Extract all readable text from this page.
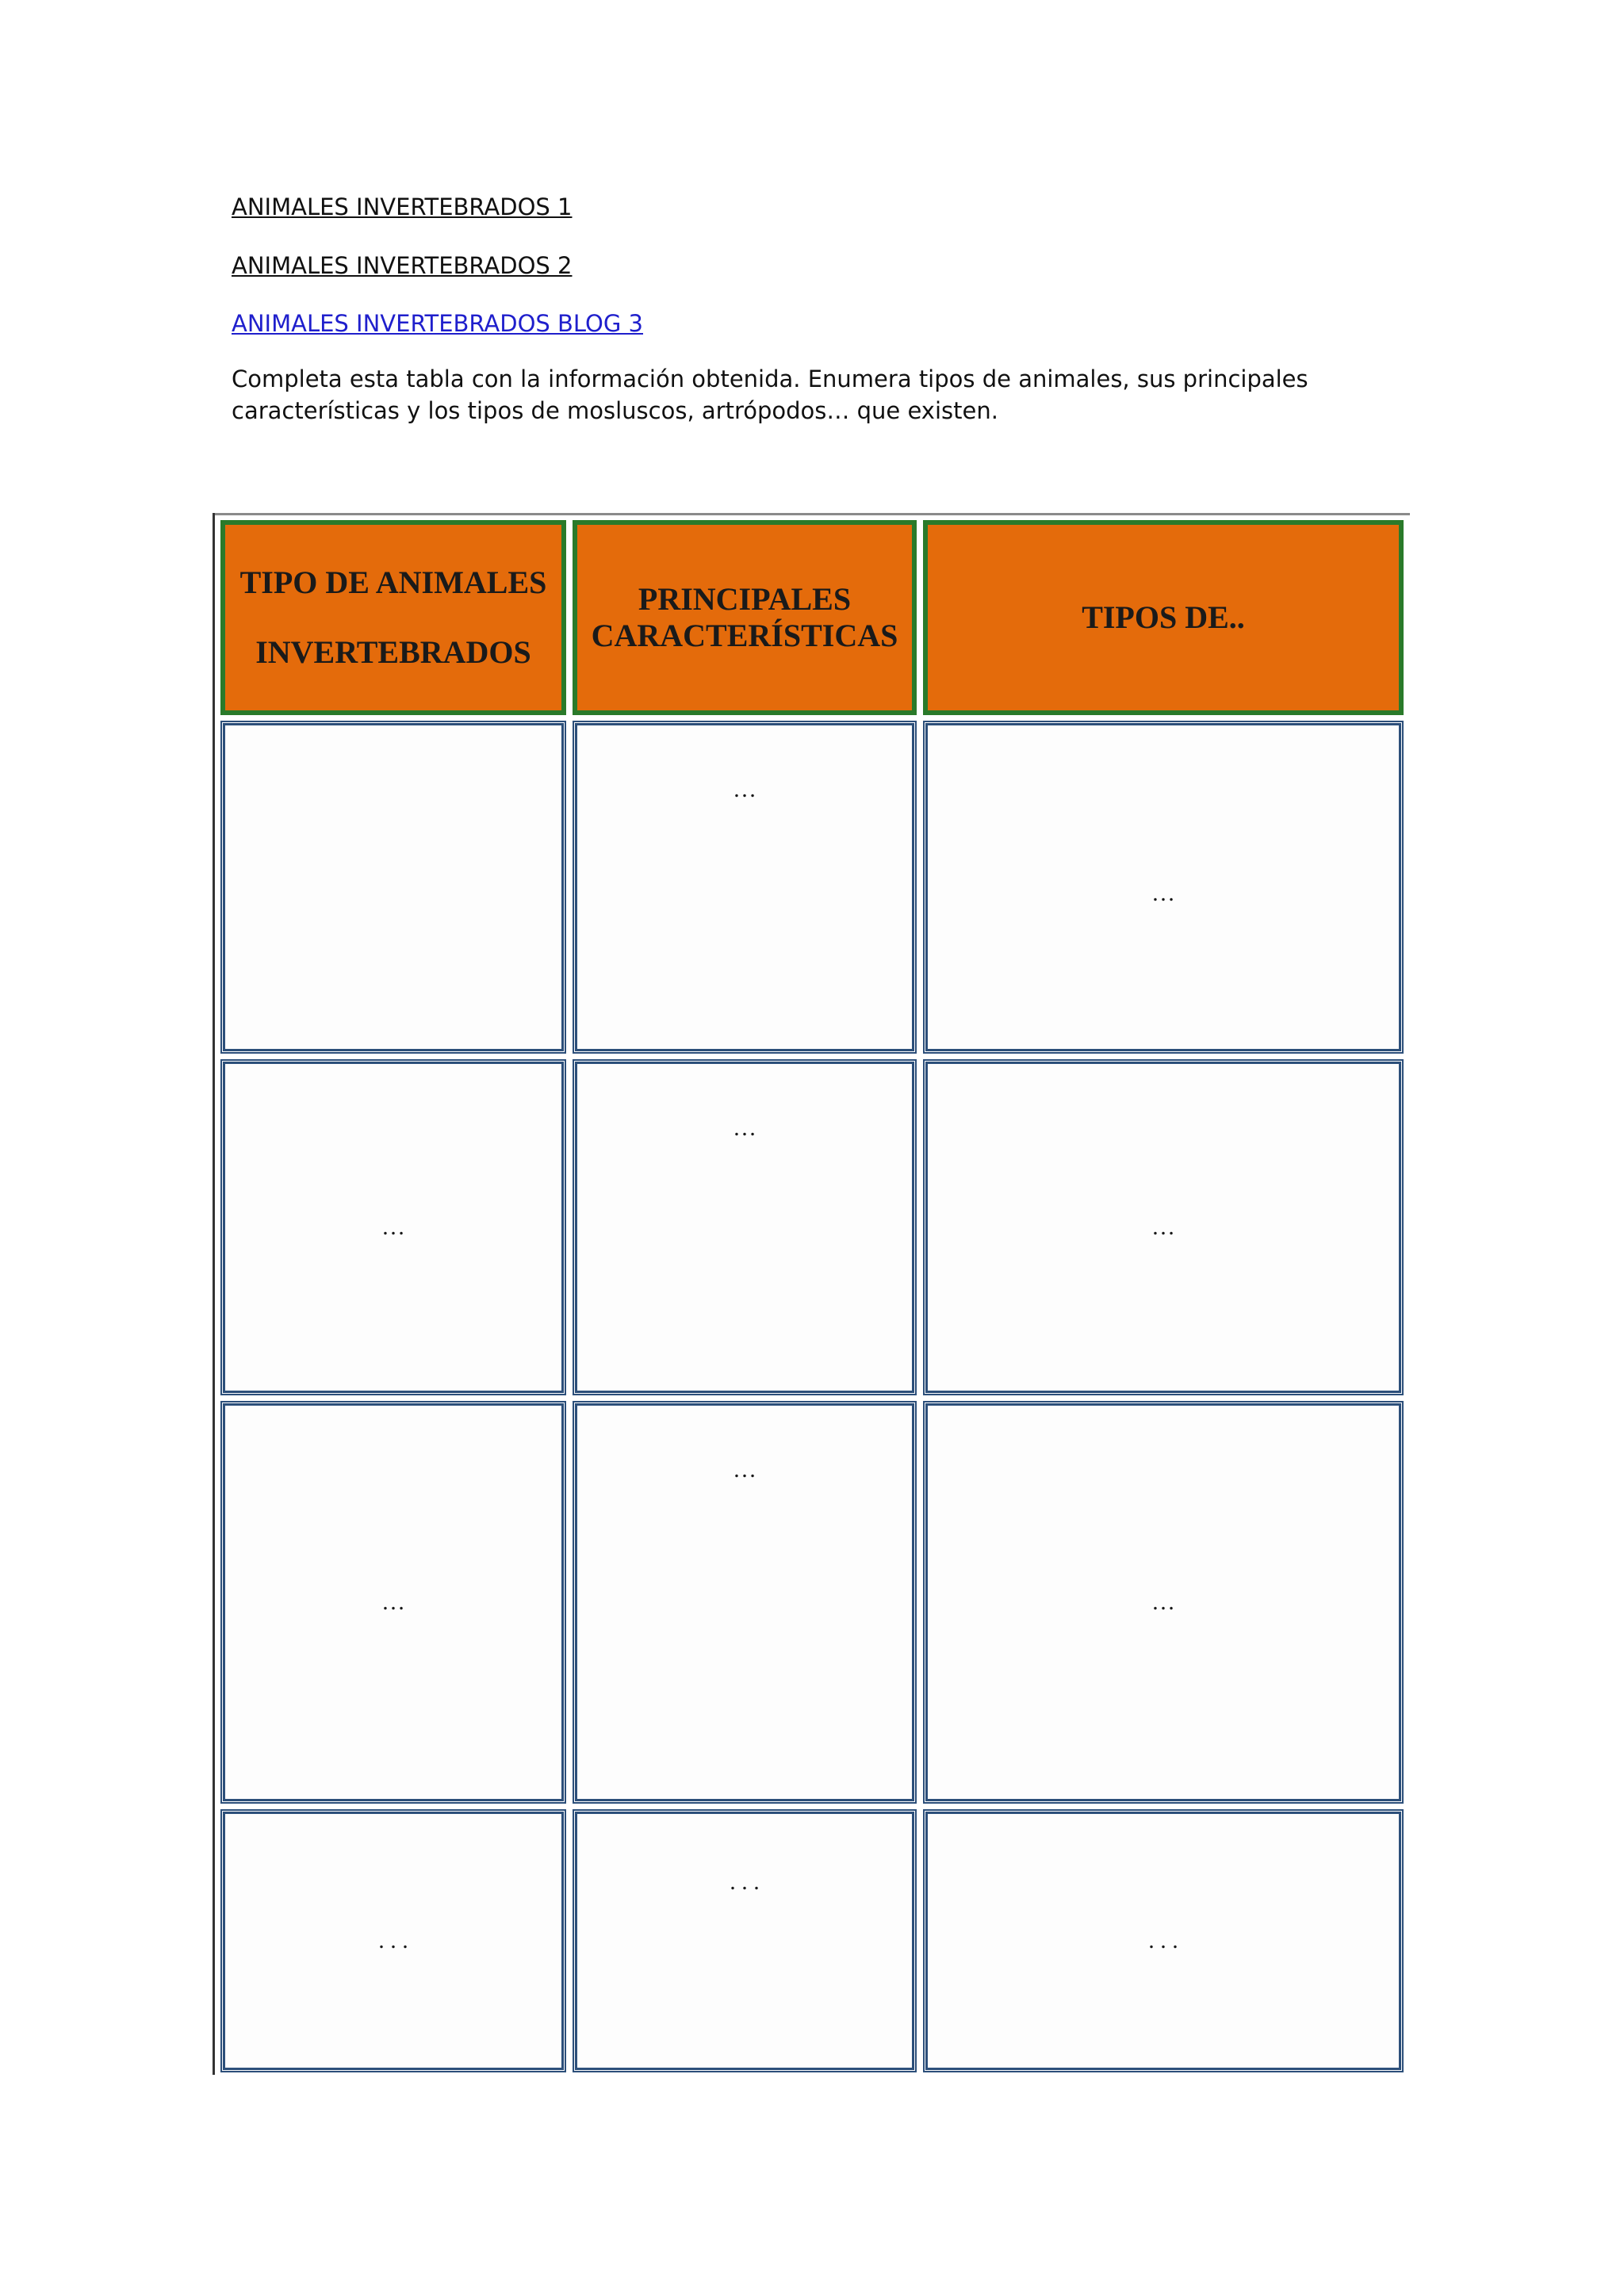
ANIMALES INVERTEBRADOS 1
ANIMALES INVERTEBRADOS 2
ANIMALES INVERTEBRADOS BLOG 3

Completa esta tabla con la información obtenida. Enumera tipos de animales, sus principales características y los tipos de mosluscos, artrópodos… que existen.

TIPO DE ANIMALES
INVERTEBRADOS
PRINCIPALES
CARACTERÍSTICAS
TIPOS DE..
…
…
…
…
…
…
…
…
. . .
. . .
. . .
